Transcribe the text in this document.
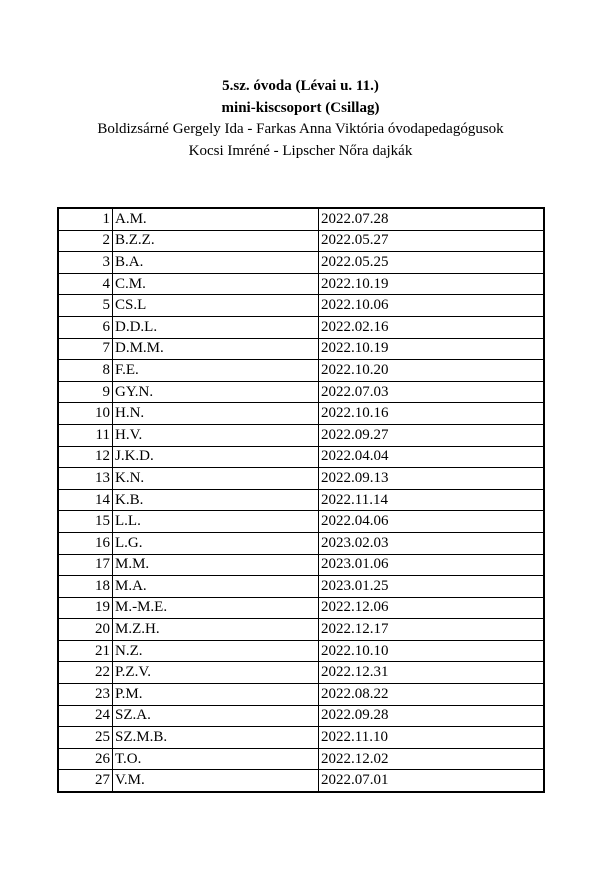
5.sz. óvoda (Lévai u. 11.)
mini-kiscsoport (Csillag)
Boldizsárné Gergely Ida - Farkas Anna Viktória óvodapedagógusok
Kocsi Imréné - Lipscher Nőra dajkák
1	A.M.	2022.07.28
2	B.Z.Z.	2022.05.27
3	B.A.	2022.05.25
4	C.M.	2022.10.19
5	CS.L	2022.10.06
6	D.D.L.	2022.02.16
7	D.M.M.	2022.10.19
8	F.E.	2022.10.20
9	GY.N.	2022.07.03
10	H.N.	2022.10.16
11	H.V.	2022.09.27
12	J.K.D.	2022.04.04
13	K.N.	2022.09.13
14	K.B.	2022.11.14
15	L.L.	2022.04.06
16	L.G.	2023.02.03
17	M.M.	2023.01.06
18	M.A.	2023.01.25
19	M.-M.E.	2022.12.06
20	M.Z.H.	2022.12.17
21	N.Z.	2022.10.10
22	P.Z.V.	2022.12.31
23	P.M.	2022.08.22
24	SZ.A.	2022.09.28
25	SZ.M.B.	2022.11.10
26	T.O.	2022.12.02
27	V.M.	2022.07.01
